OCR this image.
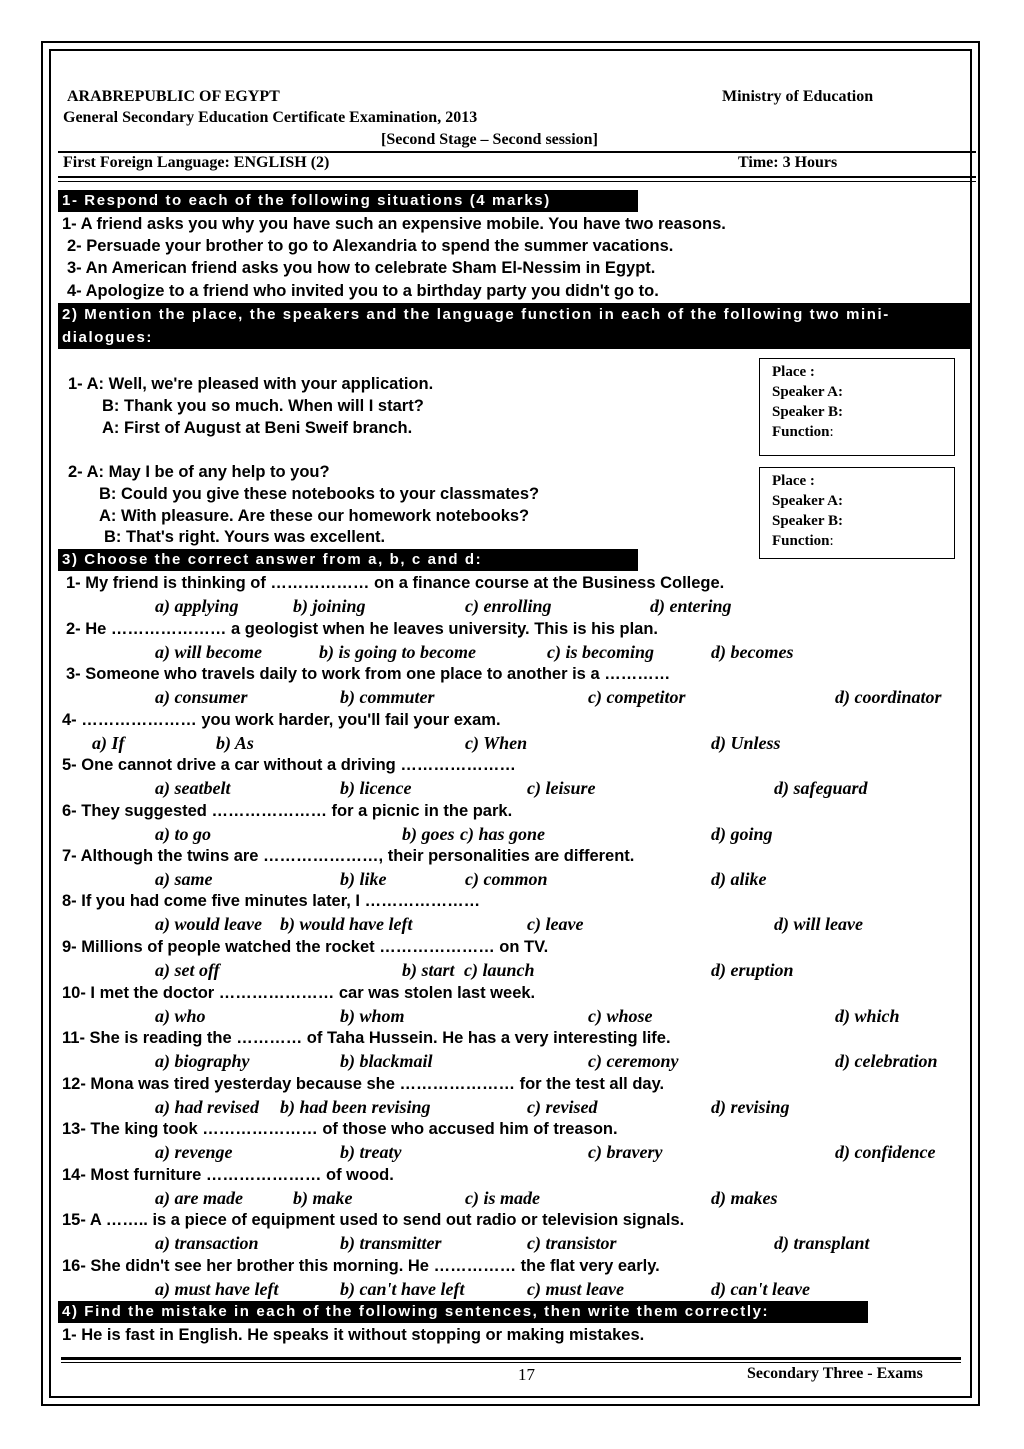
ARABREPUBLIC OF EGYPT	Ministry of Education
General Secondary Education Certificate Examination, 2013
[Second Stage – Second session]
First Foreign Language: ENGLISH (2)	Time: 3 Hours
1- Respond to each of the following situations (4 marks)
1- A friend asks you why you have such an expensive mobile. You have two reasons.
2- Persuade your brother to go to Alexandria to spend the summer vacations.
3- An American friend asks you how to celebrate Sham El-Nessim in Egypt.
4- Apologize to a friend who invited you to a birthday party you didn't go to.
2) Mention the place, the speakers and the language function in each of the following two mini-
dialogues:
1- A: Well, we're pleased with your application.
B: Thank you so much. When will I start?
A: First of August at Beni Sweif branch.
2- A: May I be of any help to you?
B: Could you give these notebooks to your classmates?
A: With pleasure. Are these our homework notebooks?
B: That's right. Yours was excellent.
Place :
Speaker A:
Speaker B:
Function:
Place :
Speaker A:
Speaker B:
Function:
3) Choose the correct answer from a, b, c and d:
1- My friend is thinking of ……………… on a finance course at the Business College.
a) applying	b) joining	c) enrolling	d) entering
2- He ………………… a geologist when he leaves university. This is his plan.
a) will become	b) is going to become	c) is becoming	d) becomes
3- Someone who travels daily to work from one place to another is a …………
a) consumer	b) commuter	c) competitor	d) coordinator
4- ………………… you work harder, you'll fail your exam.
a) If	b) As	c) When	d) Unless
5- One cannot drive a car without a driving …………………
a) seatbelt	b) licence	c) leisure	d) safeguard
6- They suggested ………………… for a picnic in the park.
a) to go	b) goes c) has gone	d) going
7- Although the twins are …………………, their personalities are different.
a) same	b) like	c) common	d) alike
8- If you had come five minutes later, I …………………
a) would leave b) would have left	c) leave	d) will leave
9- Millions of people watched the rocket ………………… on TV.
a) set off	b) start c) launch	d) eruption
10- I met the doctor ………………… car was stolen last week.
a) who	b) whom	c) whose	d) which
11- She is reading the ………… of Taha Hussein. He has a very interesting life.
a) biography	b) blackmail	c) ceremony	d) celebration
12- Mona was tired yesterday because she ………………… for the test all day.
a) had revised b) had been revising	c) revised	d) revising
13- The king took ………………… of those who accused him of treason.
a) revenge	b) treaty	c) bravery	d) confidence
14- Most furniture ………………… of wood.
a) are made	b) make	c) is made	d) makes
15- A …….. is a piece of equipment used to send out radio or television signals.
a) transaction	b) transmitter	c) transistor	d) transplant
16- She didn't see her brother this morning. He …………… the flat very early.
a) must have left	b) can't have left	c) must leave	d) can't leave
4) Find the mistake in each of the following sentences, then write them correctly:
1- He is fast in English. He speaks it without stopping or making mistakes.
17	Secondary Three - Exams
